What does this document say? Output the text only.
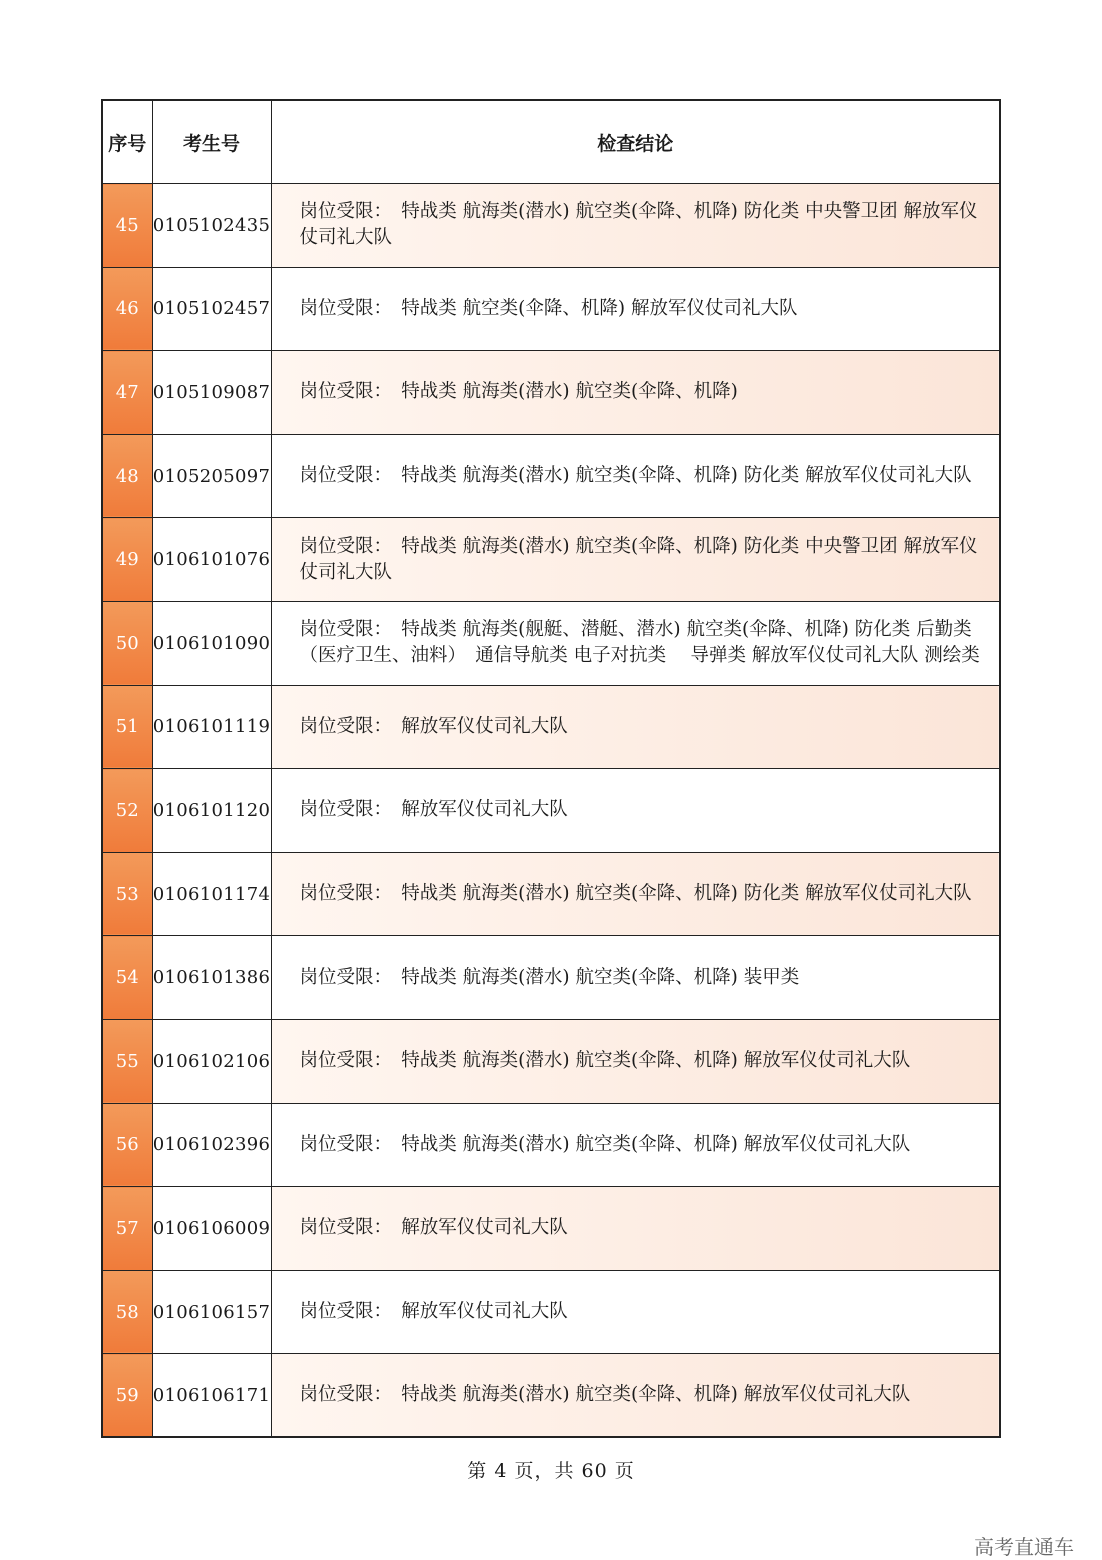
序号	考生号	检查结论
45	0105102435	岗位受限：　特战类 航海类(潜水) 航空类(伞降、机降) 防化类 中央警卫团 解放军仪仗司礼大队
46	0105102457	岗位受限：　特战类 航空类(伞降、机降) 解放军仪仗司礼大队
47	0105109087	岗位受限：　特战类 航海类(潜水) 航空类(伞降、机降)
48	0105205097	岗位受限：　特战类 航海类(潜水) 航空类(伞降、机降) 防化类 解放军仪仗司礼大队
49	0106101076	岗位受限：　特战类 航海类(潜水) 航空类(伞降、机降) 防化类 中央警卫团 解放军仪仗司礼大队
50	0106101090	岗位受限：　特战类 航海类(舰艇、潜艇、潜水) 航空类(伞降、机降) 防化类 后勤类（医疗卫生、油料）　通信导航类 电子对抗类　 导弹类 解放军仪仗司礼大队 测绘类
51	0106101119	岗位受限：　解放军仪仗司礼大队
52	0106101120	岗位受限：　解放军仪仗司礼大队
53	0106101174	岗位受限：　特战类 航海类(潜水) 航空类(伞降、机降) 防化类 解放军仪仗司礼大队
54	0106101386	岗位受限：　特战类 航海类(潜水) 航空类(伞降、机降) 装甲类
55	0106102106	岗位受限：　特战类 航海类(潜水) 航空类(伞降、机降) 解放军仪仗司礼大队
56	0106102396	岗位受限：　特战类 航海类(潜水) 航空类(伞降、机降) 解放军仪仗司礼大队
57	0106106009	岗位受限：　解放军仪仗司礼大队
58	0106106157	岗位受限：　解放军仪仗司礼大队
59	0106106171	岗位受限：　特战类 航海类(潜水) 航空类(伞降、机降) 解放军仪仗司礼大队
第 4 页，共 60 页
高考直通车
